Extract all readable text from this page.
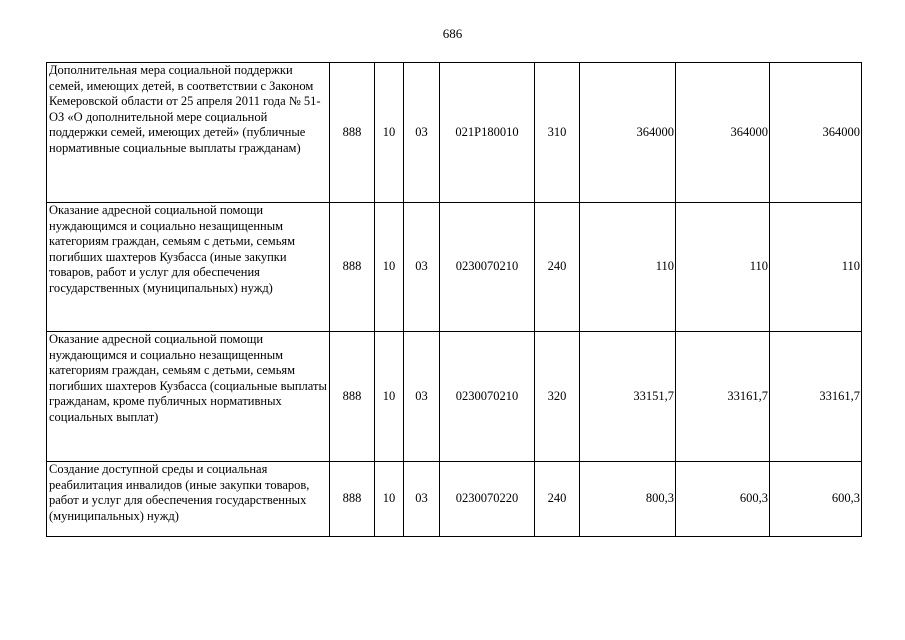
686
Дополнительная мера социальной поддержки семей, имеющих детей, в соответствии с Законом Кемеровской области от 25 апреля 2011 года № 51-ОЗ «О дополнительной мере социальной поддержки семей, имеющих детей» (публичные нормативные социальные выплаты гражданам)	888	10	03	021P180010	310	364000	364000	364000
Оказание адресной социальной помощи нуждающимся и социально незащищенным категориям граждан, семьям с детьми, семьям погибших шахтеров Кузбасса (иные закупки товаров, работ и услуг для обеспечения государственных (муниципальных) нужд)	888	10	03	0230070210	240	110	110	110
Оказание адресной социальной помощи нуждающимся и социально незащищенным категориям граждан, семьям с детьми, семьям погибших шахтеров Кузбасса (социальные выплаты гражданам, кроме публичных нормативных социальных выплат)	888	10	03	0230070210	320	33151,7	33161,7	33161,7
Создание доступной среды и социальная реабилитация инвалидов (иные закупки товаров, работ и услуг для обеспечения государственных (муниципальных) нужд)	888	10	03	0230070220	240	800,3	600,3	600,3
